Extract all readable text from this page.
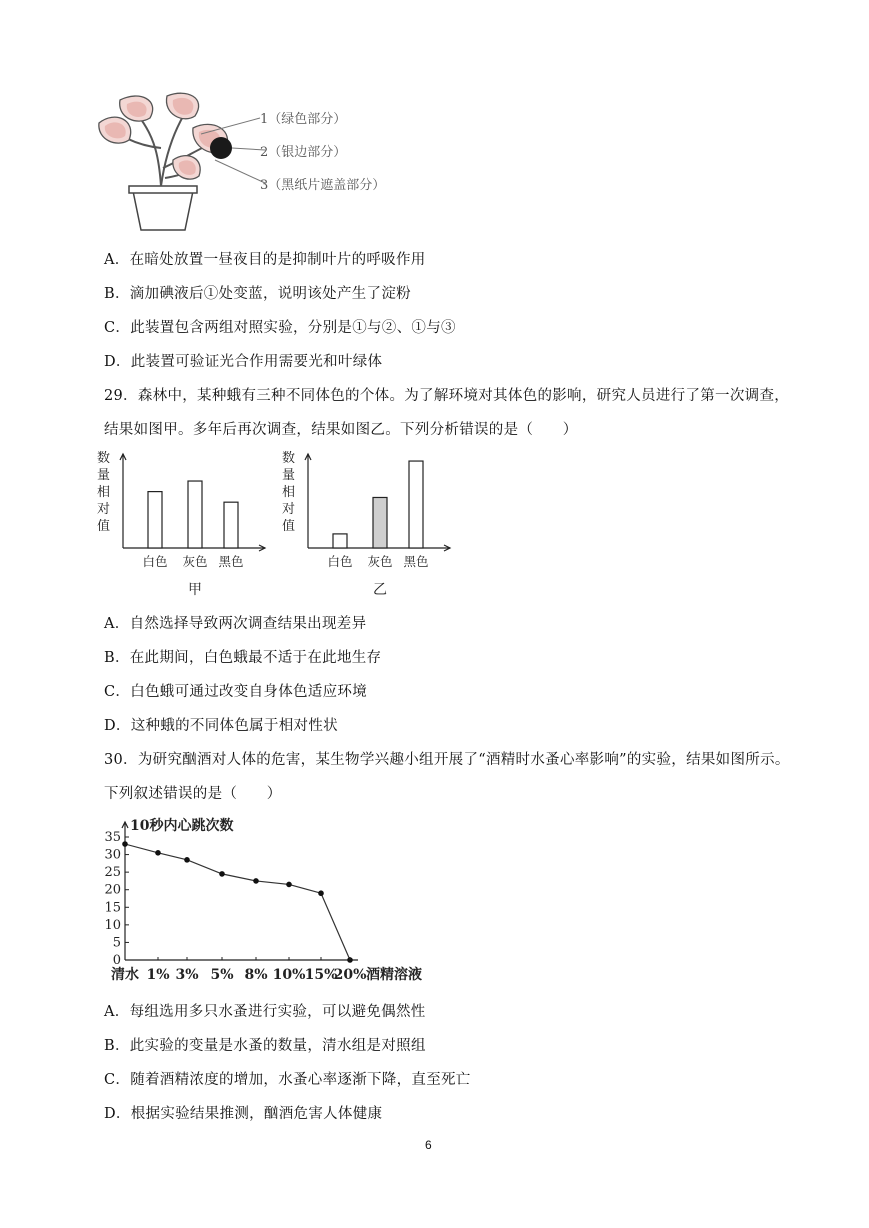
1（绿色部分）
2（银边部分）
3（黑纸片遮盖部分）
A．在暗处放置一昼夜目的是抑制叶片的呼吸作用
B．滴加碘液后①处变蓝，说明该处产生了淀粉
C．此装置包含两组对照实验，分别是①与②、①与③
D．此装置可验证光合作用需要光和叶绿体
29．森林中，某种蛾有三种不同体色的个体。为了解环境对其体色的影响，研究人员进行了第一次调查，
结果如图甲。多年后再次调查，结果如图乙。下列分析错误的是（　　）
数
量
相
对
值
白色 灰色 黑色
甲
数
量
相
对
值
白色 灰色 黑色
乙
A．自然选择导致两次调查结果出现差异
B．在此期间，白色蛾最不适于在此地生存
C．白色蛾可通过改变自身体色适应环境
D．这种蛾的不同体色属于相对性状
30．为研究酗酒对人体的危害，某生物学兴趣小组开展了“酒精时水蚤心率影响”的实验，结果如图所示。
下列叙述错误的是（　　）
10秒内心跳次数
0
5
10
15
20
25
30
35
清水 1% 3% 5% 8% 10% 15%
20% 酒精溶液
A．每组选用多只水蚤进行实验，可以避免偶然性
B．此实验的变量是水蚤的数量，清水组是对照组
C．随着酒精浓度的增加，水蚤心率逐渐下降，直至死亡
D．根据实验结果推测，酗酒危害人体健康
6
